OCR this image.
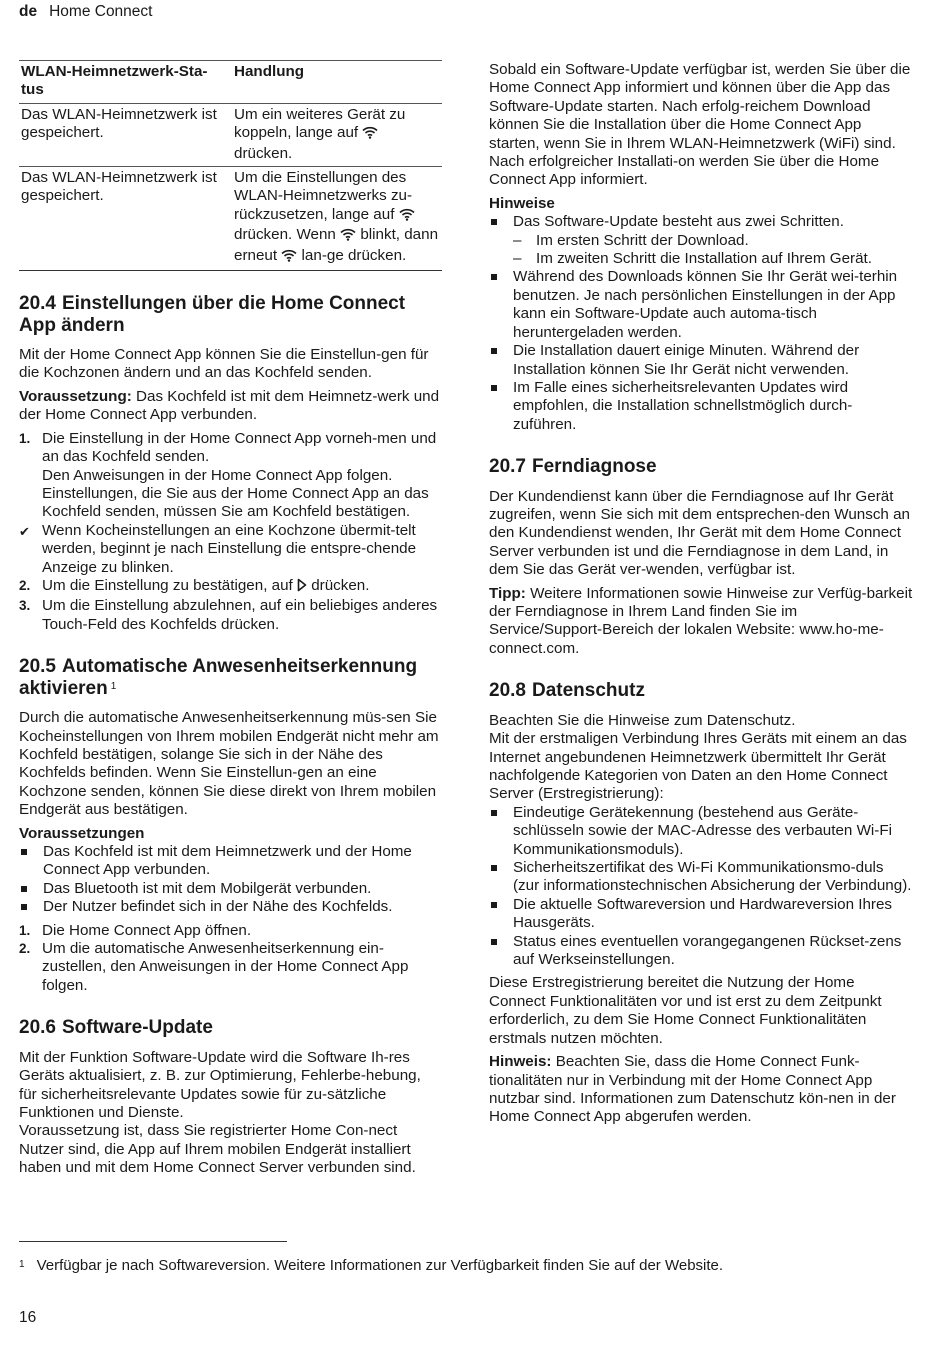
de Home Connect
WLAN-Heimnetzwerk-Sta-tus	Handlung
Das WLAN-Heimnetzwerk ist gespeichert.	Um ein weiteres Gerät zu koppeln, lange auf  drücken.
Das WLAN-Heimnetzwerk ist gespeichert.	Um die Einstellungen des WLAN-Heimnetzwerks zu-rückzusetzen, lange auf  drücken. Wenn blinkt, dann erneut lan-ge drücken.
20.4 Einstellungen über die Home Connect App ändern

Mit der Home Connect App können Sie die Einstellun-gen für die Kochzonen ändern und an das Kochfeld senden.

Voraussetzung: Das Kochfeld ist mit dem Heimnetz-werk und der Home Connect App verbunden.

1. Die Einstellung in der Home Connect App vorneh-men und an das Kochfeld senden.
Den Anweisungen in der Home Connect App folgen. Einstellungen, die Sie aus der Home Connect App an das Kochfeld senden, müssen Sie am Kochfeld bestätigen.
✔ Wenn Kocheinstellungen an eine Kochzone übermit-telt werden, beginnt je nach Einstellung die entspre-chende Anzeige zu blinken.
2. Um die Einstellung zu bestätigen, auf drücken.
3. Um die Einstellung abzulehnen, auf ein beliebiges anderes Touch-Feld des Kochfelds drücken.
20.5 Automatische Anwesenheitserkennung aktivieren $^1$

Durch die automatische Anwesenheitserkennung müs-sen Sie Kocheinstellungen von Ihrem mobilen Endgerät nicht mehr am Kochfeld bestätigen, solange Sie sich in der Nähe des Kochfelds befinden. Wenn Sie Einstellun-gen an eine Kochzone senden, können Sie diese direkt von Ihrem mobilen Endgerät aus bestätigen.

Voraussetzungen

Das Kochfeld ist mit dem Heimnetzwerk und der Home Connect App verbunden.
Das Bluetooth ist mit dem Mobilgerät verbunden.
Der Nutzer befindet sich in der Nähe des Kochfelds.
1. Die Home Connect App öffnen.
2. Um die automatische Anwesenheitserkennung ein-zustellen, den Anweisungen in der Home Connect App folgen.
20.6 Software-Update

Mit der Funktion Software-Update wird die Software Ih-res Geräts aktualisiert, z. B. zur Optimierung, Fehlerbe-hebung, für sicherheitsrelevante Updates sowie für zu-sätzliche Funktionen und Dienste.

Voraussetzung ist, dass Sie registrierter Home Con-nect Nutzer sind, die App auf Ihrem mobilen Endgerät installiert haben und mit dem Home Connect Server verbunden sind.

Sobald ein Software-Update verfügbar ist, werden Sie über die Home Connect App informiert und können über die App das Software-Update starten. Nach erfolg-reichem Download können Sie die Installation über die Home Connect App starten, wenn Sie in Ihrem WLAN-Heimnetzwerk (WiFi) sind. Nach erfolgreicher Installati-on werden Sie über die Home Connect App informiert.

Hinweise

Das Software-Update besteht aus zwei Schritten.
– Im ersten Schritt der Download.
– Im zweiten Schritt die Installation auf Ihrem Gerät.
Während des Downloads können Sie Ihr Gerät wei-terhin benutzen. Je nach persönlichen Einstellungen in der App kann ein Software-Update auch automa-tisch heruntergeladen werden.
Die Installation dauert einige Minuten. Während der Installation können Sie Ihr Gerät nicht verwenden.
Im Falle eines sicherheitsrelevanten Updates wird empfohlen, die Installation schnellstmöglich durch-zuführen.
20.7 Ferndiagnose

Der Kundendienst kann über die Ferndiagnose auf Ihr Gerät zugreifen, wenn Sie sich mit dem entsprechen-den Wunsch an den Kundendienst wenden, Ihr Gerät mit dem Home Connect Server verbunden ist und die Ferndiagnose in dem Land, in dem Sie das Gerät ver-wenden, verfügbar ist.

Tipp: Weitere Informationen sowie Hinweise zur Verfüg-barkeit der Ferndiagnose in Ihrem Land finden Sie im Service/Support-Bereich der lokalen Website: www.ho-me-connect.com.

20.8 Datenschutz

Beachten Sie die Hinweise zum Datenschutz.

Mit der erstmaligen Verbindung Ihres Geräts mit einem an das Internet angebundenen Heimnetzwerk übermittelt Ihr Gerät nachfolgende Kategorien von Daten an den Home Connect Server (Erstregistrierung):

Eindeutige Gerätekennung (bestehend aus Geräte-schlüsseln sowie der MAC-Adresse des verbauten Wi-Fi Kommunikationsmoduls).
Sicherheitszertifikat des Wi-Fi Kommunikationsmo-duls (zur informationstechnischen Absicherung der Verbindung).
Die aktuelle Softwareversion und Hardwareversion Ihres Hausgeräts.
Status eines eventuellen vorangegangenen Rückset-zens auf Werkseinstellungen.

Diese Erstregistrierung bereitet die Nutzung der Home Connect Funktionalitäten vor und ist erst zu dem Zeitpunkt erforderlich, zu dem Sie Home Connect Funktionalitäten erstmals nutzen möchten.

Hinweis: Beachten Sie, dass die Home Connect Funk-tionalitäten nur in Verbindung mit der Home Connect App nutzbar sind. Informationen zum Datenschutz kön-nen in der Home Connect App abgerufen werden.

$^1$ Verfügbar je nach Softwareversion. Weitere Informationen zur Verfügbarkeit finden Sie auf der Website.
16
